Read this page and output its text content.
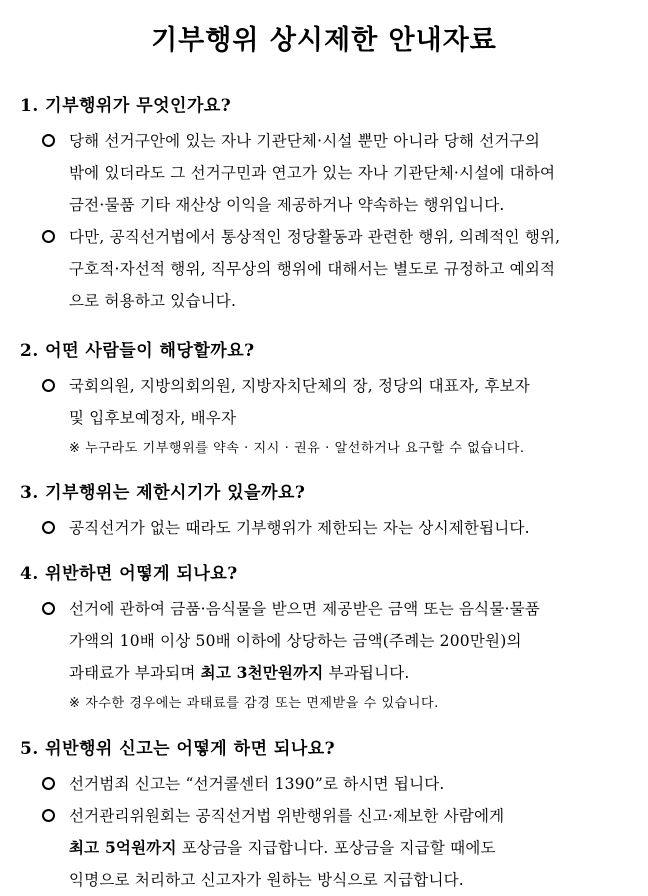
기부행위 상시제한 안내자료
1. 기부행위가 무엇인가요?
당해 선거구안에 있는 자나 기관단체·시설 뿐만 아니라 당해 선거구의
밖에 있더라도 그 선거구민과 연고가 있는 자나 기관단체·시설에 대하여
금전·물품 기타 재산상 이익을 제공하거나 약속하는 행위입니다.
다만, 공직선거법에서 통상적인 정당활동과 관련한 행위, 의례적인 행위,
구호적·자선적 행위, 직무상의 행위에 대해서는 별도로 규정하고 예외적
으로 허용하고 있습니다.
2. 어떤 사람들이 해당할까요?
국회의원, 지방의회의원, 지방자치단체의 장, 정당의 대표자, 후보자
및 입후보예정자, 배우자
※ 누구라도 기부행위를 약속 · 지시 · 권유 · 알선하거나 요구할 수 없습니다.
3. 기부행위는 제한시기가 있을까요?
공직선거가 없는 때라도 기부행위가 제한되는 자는 상시제한됩니다.
4. 위반하면 어떻게 되나요?
선거에 관하여 금품·음식물을 받으면 제공받은 금액 또는 음식물·물품
가액의 10배 이상 50배 이하에 상당하는 금액(주례는 200만원)의
과태료가 부과되며 최고 3천만원까지 부과됩니다.
※ 자수한 경우에는 과태료를 감경 또는 면제받을 수 있습니다.
5. 위반행위 신고는 어떻게 하면 되나요?
선거범죄 신고는 “선거콜센터 1390”로 하시면 됩니다.
선거관리위원회는 공직선거법 위반행위를 신고·제보한 사람에게
최고 5억원까지 포상금을 지급합니다. 포상금을 지급할 때에도
익명으로 처리하고 신고자가 원하는 방식으로 지급합니다.
